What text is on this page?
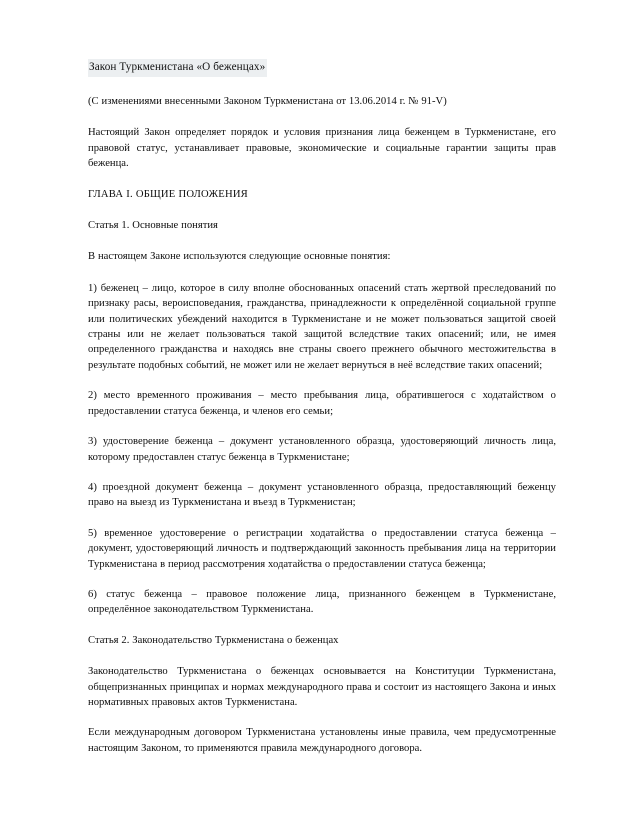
Закон Туркменистана «О беженцах»

(С изменениями внесенными Законом Туркменистана от 13.06.2014 г. № 91-V)

Настоящий Закон определяет порядок и условия признания лица беженцем в Туркменистане, его правовой статус, устанавливает правовые, экономические и социальные гарантии защиты прав беженца.

ГЛАВА I. ОБЩИЕ ПОЛОЖЕНИЯ

Статья 1. Основные понятия

В настоящем Законе используются следующие основные понятия:

1) беженец – лицо, которое в силу вполне обоснованных опасений стать жертвой преследований по признаку расы, вероисповедания, гражданства, принадлежности к определённой социальной группе или политических убеждений находится в Туркменистане и не может пользоваться защитой своей страны или не желает пользоваться такой защитой вследствие таких опасений; или, не имея определенного гражданства и находясь вне страны своего прежнего обычного местожительства в результате подобных событий, не может или не желает вернуться в неё вследствие таких опасений;

2) место временного проживания – место пребывания лица, обратившегося с ходатайством о предоставлении статуса беженца, и членов его семьи;

3) удостоверение беженца – документ установленного образца, удостоверяющий личность лица, которому предоставлен статус беженца в Туркменистане;

4) проездной документ беженца – документ установленного образца, предоставляющий беженцу право на выезд из Туркменистана и въезд в Туркменистан;

5) временное удостоверение о регистрации ходатайства о предоставлении статуса беженца – документ, удостоверяющий личность и подтверждающий законность пребывания лица на территории Туркменистана в период рассмотрения ходатайства о предоставлении статуса беженца;

6) статус беженца – правовое положение лица, признанного беженцем в Туркменистане, определённое законодательством Туркменистана.

Статья 2. Законодательство Туркменистана о беженцах

Законодательство Туркменистана о беженцах основывается на Конституции Туркменистана, общепризнанных принципах и нормах международного права и состоит из настоящего Закона и иных нормативных правовых актов Туркменистана.

Если международным договором Туркменистана установлены иные правила, чем предусмотренные настоящим Законом, то применяются правила международного договора.
